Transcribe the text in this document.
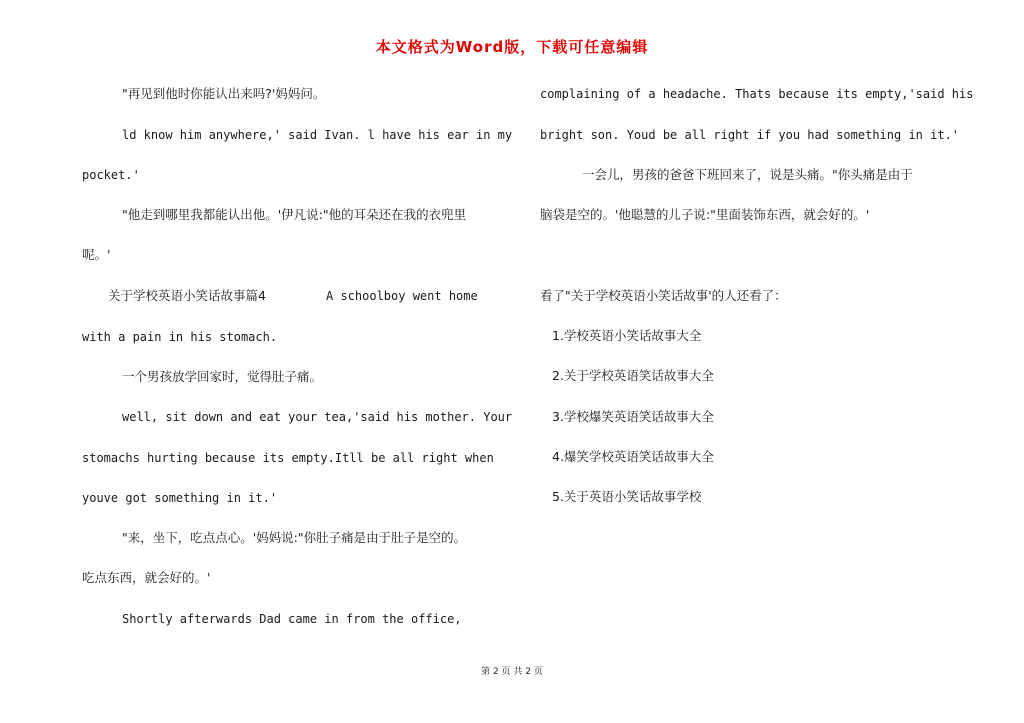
本文格式为Word版，下载可任意编辑
"再见到他时你能认出来吗?'妈妈问。
ld know him anywhere,' said Ivan. l have his ear in my
pocket.'
"他走到哪里我都能认出他。'伊凡说:"他的耳朵还在我的衣兜里
呢。'
关于学校英语小笑话故事篇4	A schoolboy went home
with a pain in his stomach.
一个男孩放学回家时，觉得肚子痛。
well, sit down and eat your tea,'said his mother. Your
stomachs hurting because its empty.Itll be all right when
youve got something in it.'
"来，坐下，吃点点心。'妈妈说:"你肚子痛是由于肚子是空的。
吃点东西，就会好的。'
Shortly afterwards Dad came in from the office,
complaining of a headache. Thats because its empty,'said his
bright son. Youd be all right if you had something in it.'
一会儿，男孩的爸爸下班回来了，说是头痛。"你头痛是由于
脑袋是空的。'他聪慧的儿子说:"里面装饰东西，就会好的。'
看了"关于学校英语小笑话故事'的人还看了：
1.学校英语小笑话故事大全
2.关于学校英语笑话故事大全
3.学校爆笑英语笑话故事大全
4.爆笑学校英语笑话故事大全
5.关于英语小笑话故事学校
第 2 页 共 2 页
